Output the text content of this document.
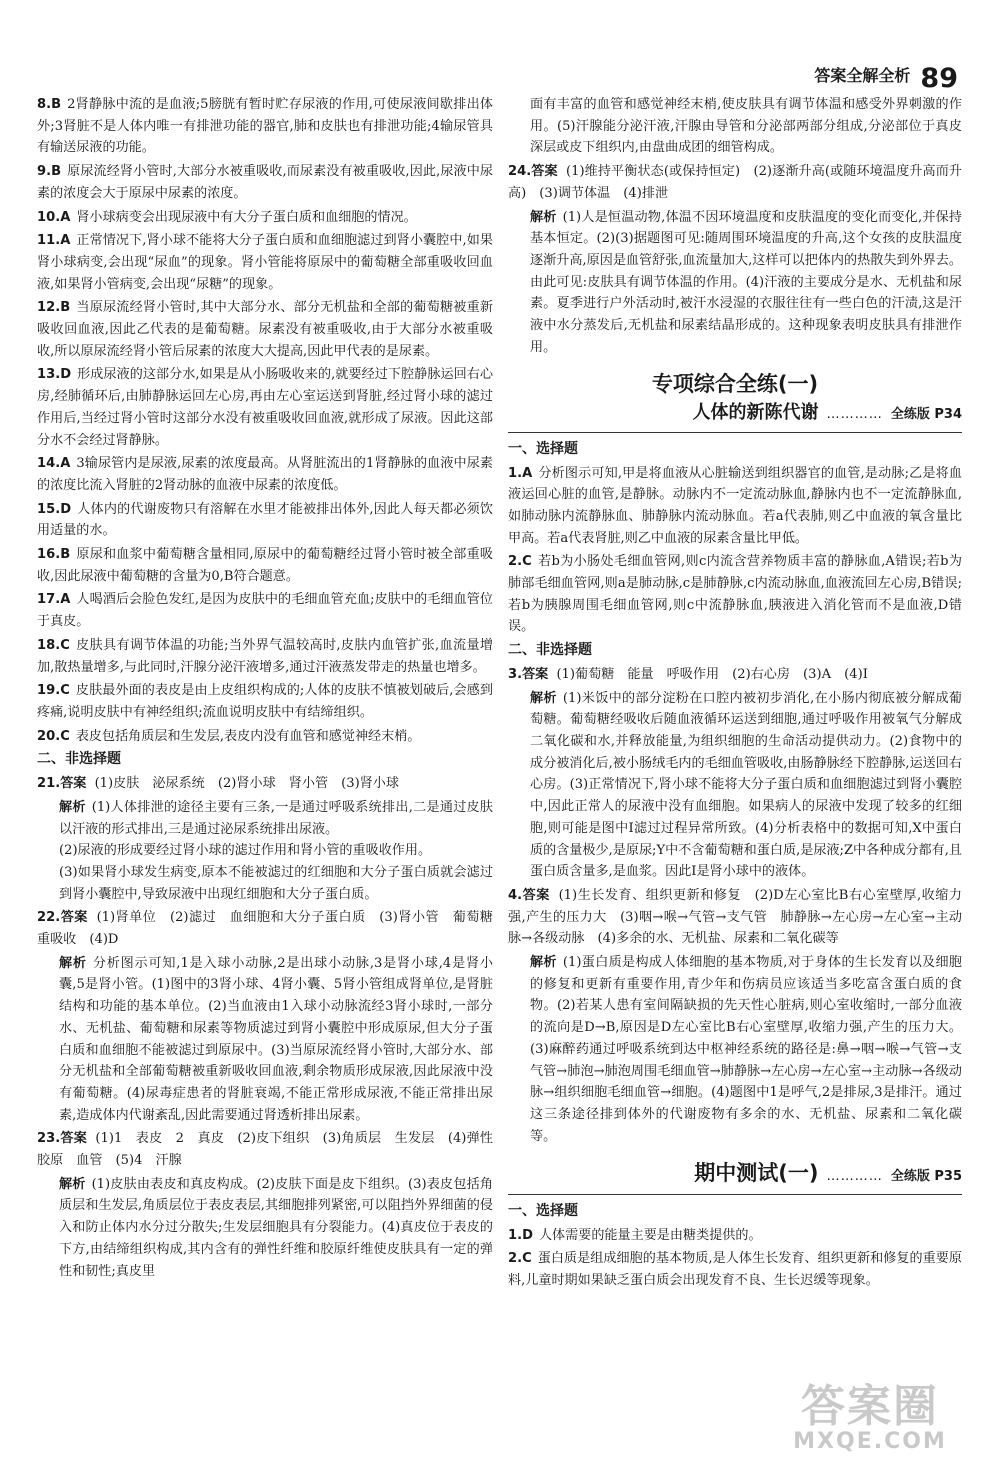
答案全解全析 89
8.B 2肾静脉中流的是血液;5膀胱有暂时贮存尿液的作用,可使尿液间歇排出体外;3肾脏不是人体内唯一有排泄功能的器官,肺和皮肤也有排泄功能;4输尿管具有输送尿液的功能。
9.B 原尿流经肾小管时,大部分水被重吸收,而尿素没有被重吸收,因此,尿液中尿素的浓度会大于原尿中尿素的浓度。
10.A 肾小球病变会出现尿液中有大分子蛋白质和血细胞的情况。
11.A 正常情况下,肾小球不能将大分子蛋白质和血细胞滤过到肾小囊腔中,如果肾小球病变,会出现“尿血”的现象。肾小管能将原尿中的葡萄糖全部重吸收回血液,如果肾小管病变,会出现“尿糖”的现象。
12.B 当原尿流经肾小管时,其中大部分水、部分无机盐和全部的葡萄糖被重新吸收回血液,因此乙代表的是葡萄糖。尿素没有被重吸收,由于大部分水被重吸收,所以原尿流经肾小管后尿素的浓度大大提高,因此甲代表的是尿素。
13.D 形成尿液的这部分水,如果是从小肠吸收来的,就要经过下腔静脉运回右心房,经肺循环后,由肺静脉运回左心房,再由左心室运送到肾脏,经过肾小球的滤过作用后,当经过肾小管时这部分水没有被重吸收回血液,就形成了尿液。因此这部分水不会经过肾静脉。
14.A 3输尿管内是尿液,尿素的浓度最高。从肾脏流出的1肾静脉的血液中尿素的浓度比流入肾脏的2肾动脉的血液中尿素的浓度低。
15.D 人体内的代谢废物只有溶解在水里才能被排出体外,因此人每天都必须饮用适量的水。
16.B 原尿和血浆中葡萄糖含量相同,原尿中的葡萄糖经过肾小管时被全部重吸收,因此尿液中葡萄糖的含量为0,B符合题意。
17.A 人喝酒后会脸色发红,是因为皮肤中的毛细血管充血;皮肤中的毛细血管位于真皮。
18.C 皮肤具有调节体温的功能;当外界气温较高时,皮肤内血管扩张,血流量增加,散热量增多,与此同时,汗腺分泌汗液增多,通过汗液蒸发带走的热量也增多。
19.C 皮肤最外面的表皮是由上皮组织构成的;人体的皮肤不慎被划破后,会感到疼痛,说明皮肤中有神经组织;流血说明皮肤中有结缔组织。
20.C 表皮包括角质层和生发层,表皮内没有血管和感觉神经末梢。
二、非选择题
21.答案 (1)皮肤　泌尿系统　(2)肾小球　肾小管　(3)肾小球
解析 (1)人体排泄的途径主要有三条,一是通过呼吸系统排出,二是通过皮肤以汗液的形式排出,三是通过泌尿系统排出尿液。
(2)尿液的形成要经过肾小球的滤过作用和肾小管的重吸收作用。
(3)如果肾小球发生病变,原本不能被滤过的红细胞和大分子蛋白质就会滤过到肾小囊腔中,导致尿液中出现红细胞和大分子蛋白质。
22.答案 (1)肾单位　(2)滤过　血细胞和大分子蛋白质　(3)肾小管　葡萄糖　重吸收　(4)D
解析 分析图示可知,1是入球小动脉,2是出球小动脉,3是肾小球,4是肾小囊,5是肾小管。(1)图中的3肾小球、4肾小囊、5肾小管组成肾单位,是肾脏结构和功能的基本单位。(2)当血液由1入球小动脉流经3肾小球时,一部分水、无机盐、葡萄糖和尿素等物质滤过到肾小囊腔中形成原尿,但大分子蛋白质和血细胞不能被滤过到原尿中。(3)当原尿流经肾小管时,大部分水、部分无机盐和全部葡萄糖被重新吸收回血液,剩余物质形成尿液,因此尿液中没有葡萄糖。(4)尿毒症患者的肾脏衰竭,不能正常形成尿液,不能正常排出尿素,造成体内代谢紊乱,因此需要通过肾透析排出尿素。
23.答案 (1)1　表皮　2　真皮　(2)皮下组织　(3)角质层　生发层　(4)弹性　胶原　血管　(5)4　汗腺
解析 (1)皮肤由表皮和真皮构成。(2)皮肤下面是皮下组织。(3)表皮包括角质层和生发层,角质层位于表皮表层,其细胞排列紧密,可以阻挡外界细菌的侵入和防止体内水分过分散失;生发层细胞具有分裂能力。(4)真皮位于表皮的下方,由结缔组织构成,其内含有的弹性纤维和胶原纤维使皮肤具有一定的弹性和韧性;真皮里
面有丰富的血管和感觉神经末梢,使皮肤具有调节体温和感受外界刺激的作用。(5)汗腺能分泌汗液,汗腺由导管和分泌部两部分组成,分泌部位于真皮深层或皮下组织内,由盘曲成团的细管构成。
24.答案 (1)维持平衡状态(或保持恒定)　(2)逐渐升高(或随环境温度升高而升高)　(3)调节体温　(4)排泄
解析 (1)人是恒温动物,体温不因环境温度和皮肤温度的变化而变化,并保持基本恒定。(2)(3)据题图可见:随周围环境温度的升高,这个女孩的皮肤温度逐渐升高,原因是血管舒张,血流量加大,这样可以把体内的热散失到外界去。由此可见:皮肤具有调节体温的作用。(4)汗液的主要成分是水、无机盐和尿素。夏季进行户外活动时,被汗水浸湿的衣服往往有一些白色的汗渍,这是汗液中水分蒸发后,无机盐和尿素结晶形成的。这种现象表明皮肤具有排泄作用。
专项综合全练(一)
人体的新陈代谢 ………… 全练版 P34
一、选择题
1.A 分析图示可知,甲是将血液从心脏输送到组织器官的血管,是动脉;乙是将血液运回心脏的血管,是静脉。动脉内不一定流动脉血,静脉内也不一定流静脉血,如肺动脉内流静脉血、肺静脉内流动脉血。若a代表肺,则乙中血液的氧含量比甲高。若a代表肾脏,则乙中血液的尿素含量比甲低。
2.C 若b为小肠处毛细血管网,则c内流含营养物质丰富的静脉血,A错误;若b为肺部毛细血管网,则a是肺动脉,c是肺静脉,c内流动脉血,血液流回左心房,B错误;若b为胰腺周围毛细血管网,则c中流静脉血,胰液进入消化管而不是血液,D错误。
二、非选择题
3.答案 (1)葡萄糖　能量　呼吸作用　(2)右心房　(3)A　(4)Ⅰ
解析 (1)米饭中的部分淀粉在口腔内被初步消化,在小肠内彻底被分解成葡萄糖。葡萄糖经吸收后随血液循环运送到细胞,通过呼吸作用被氧气分解成二氧化碳和水,并释放能量,为组织细胞的生命活动提供动力。(2)食物中的成分被消化后,被小肠绒毛内的毛细血管吸收,由肠静脉经下腔静脉,运送回右心房。(3)正常情况下,肾小球不能将大分子蛋白质和血细胞滤过到肾小囊腔中,因此正常人的尿液中没有血细胞。如果病人的尿液中发现了较多的红细胞,则可能是图中Ⅰ滤过过程异常所致。(4)分析表格中的数据可知,X中蛋白质的含量极少,是原尿;Y中不含葡萄糖和蛋白质,是尿液;Z中各种成分都有,且蛋白质含量多,是血浆。因此Ⅰ是肾小球中的液体。
4.答案 (1)生长发育、组织更新和修复　(2)D左心室比B右心室壁厚,收缩力强,产生的压力大　(3)咽→喉→气管→支气管　肺静脉→左心房→左心室→主动脉→各级动脉　(4)多余的水、无机盐、尿素和二氧化碳等
解析 (1)蛋白质是构成人体细胞的基本物质,对于身体的生长发育以及细胞的修复和更新有重要作用,青少年和伤病员应该适当多吃富含蛋白质的食物。(2)若某人患有室间隔缺损的先天性心脏病,则心室收缩时,一部分血液的流向是D→B,原因是D左心室比B右心室壁厚,收缩力强,产生的压力大。(3)麻醉药通过呼吸系统到达中枢神经系统的路径是:鼻→咽→喉→气管→支气管→肺泡→肺泡周围毛细血管→肺静脉→左心房→左心室→主动脉→各级动脉→组织细胞毛细血管→细胞。(4)题图中1是呼气,2是排尿,3是排汗。通过这三条途径排到体外的代谢废物有多余的水、无机盐、尿素和二氧化碳等。
期中测试(一) ………… 全练版 P35
一、选择题
1.D 人体需要的能量主要是由糖类提供的。
2.C 蛋白质是组成细胞的基本物质,是人体生长发育、组织更新和修复的重要原料,儿童时期如果缺乏蛋白质会出现发育不良、生长迟缓等现象。
答案圈
MXQE.COM
